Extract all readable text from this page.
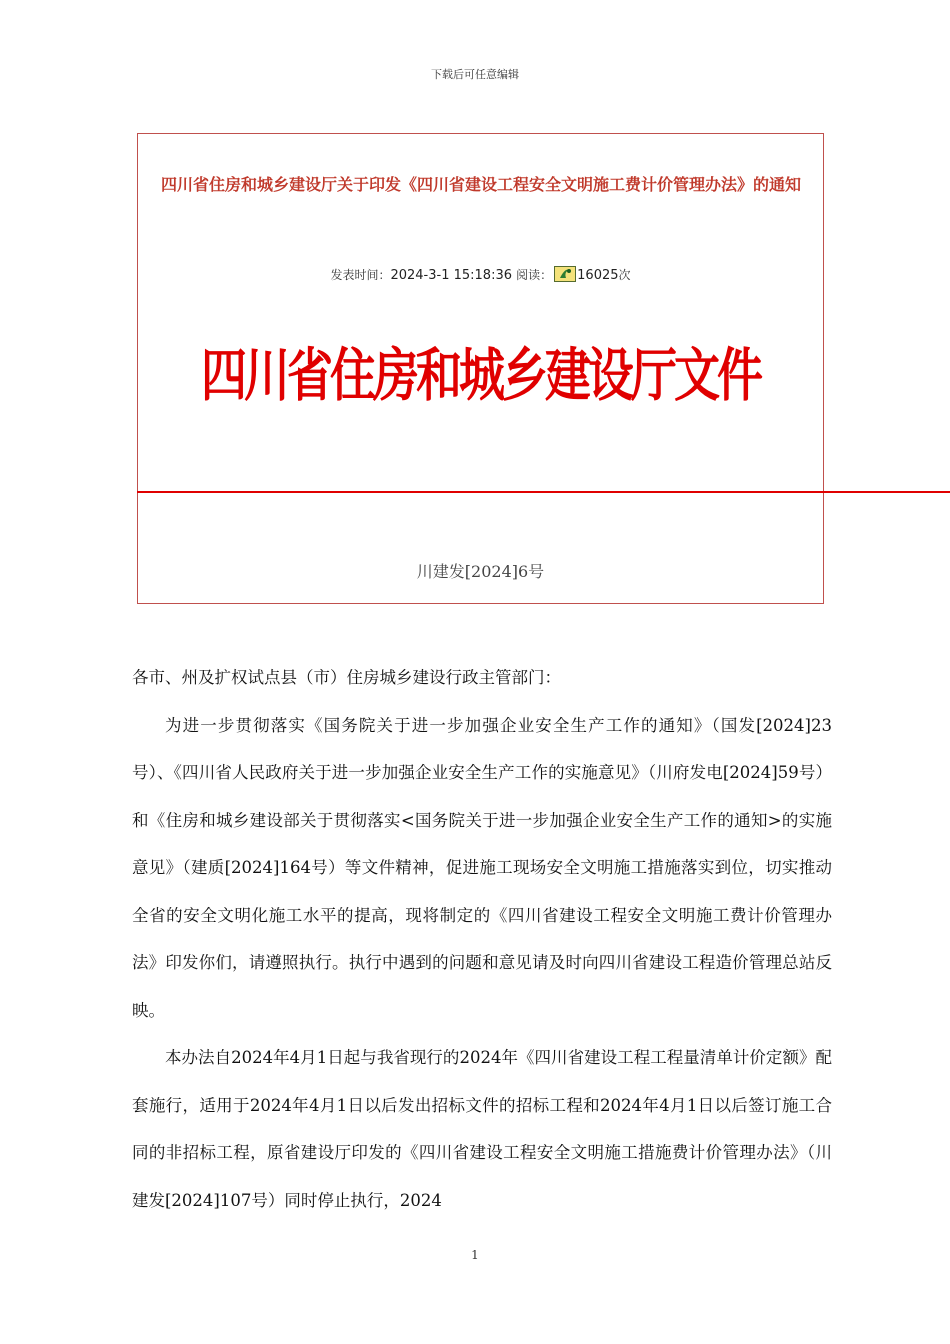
下载后可任意编辑
四川省住房和城乡建设厅关于印发《四川省建设工程安全文明施工费计价管理办法》的通知
发表时间：2024-3-1 15:18:36 阅读： 16025次
四川省住房和城乡建设厅文件
川建发[2024]6号

各市、州及扩权试点县（市）住房城乡建设行政主管部门：

为进一步贯彻落实《国务院关于进一步加强企业安全生产工作的通知》（国发[2024]23号）、《四川省人民政府关于进一步加强企业安全生产工作的实施意见》（川府发电[2024]59号）和《住房和城乡建设部关于贯彻落实<国务院关于进一步加强企业安全生产工作的通知>的实施意见》（建质[2024]164号）等文件精神，促进施工现场安全文明施工措施落实到位，切实推动全省的安全文明化施工水平的提高，现将制定的《四川省建设工程安全文明施工费计价管理办法》印发你们，请遵照执行。执行中遇到的问题和意见请及时向四川省建设工程造价管理总站反映。

本办法自2024年4月1日起与我省现行的2024年《四川省建设工程工程量清单计价定额》配套施行，适用于2024年4月1日以后发出招标文件的招标工程和2024年4月1日以后签订施工合同的非招标工程，原省建设厅印发的《四川省建设工程安全文明施工措施费计价管理办法》（川建发[2024]107号）同时停止执行，2024

1
